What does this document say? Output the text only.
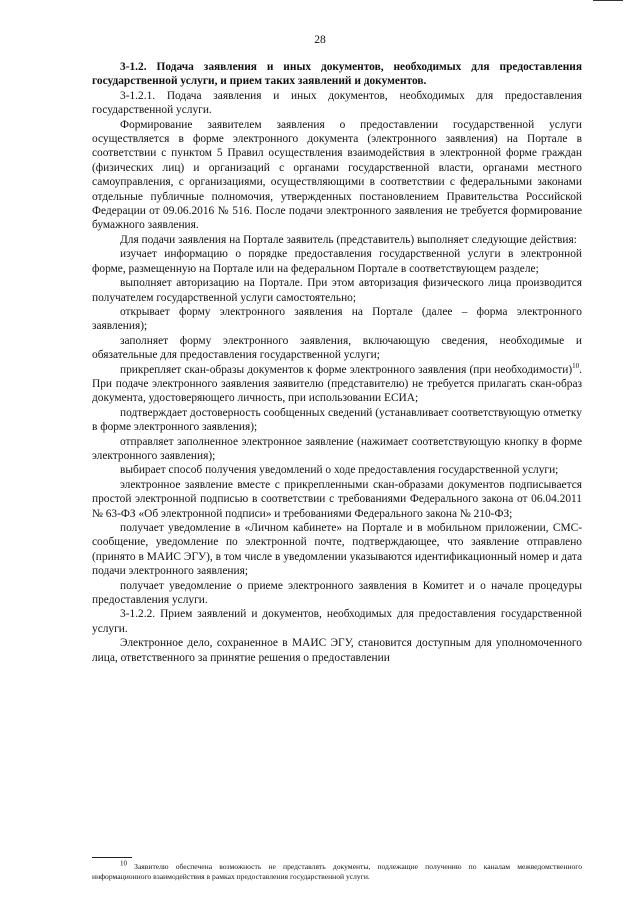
28

3-1.2. Подача заявления и иных документов, необходимых для предоставления государственной услуги, и прием таких заявлений и документов.

3-1.2.1. Подача заявления и иных документов, необходимых для предоставления государственной услуги.

Формирование заявителем заявления о предоставлении государственной услуги осуществляется в форме электронного документа (электронного заявления) на Портале в соответствии с пунктом 5 Правил осуществления взаимодействия в электронной форме граждан (физических лиц) и организаций с органами государственной власти, органами местного самоуправления, с организациями, осуществляющими в соответствии с федеральными законами отдельные публичные полномочия, утвержденных постановлением Правительства Российской Федерации от 09.06.2016 № 516. После подачи электронного заявления не требуется формирование бумажного заявления.

Для подачи заявления на Портале заявитель (представитель) выполняет следующие действия:

изучает информацию о порядке предоставления государственной услуги в электронной форме, размещенную на Портале или на федеральном Портале в соответствующем разделе;

выполняет авторизацию на Портале. При этом авторизация физического лица производится получателем государственной услуги самостоятельно;

открывает форму электронного заявления на Портале (далее – форма электронного заявления);

заполняет форму электронного заявления, включающую сведения, необходимые и обязательные для предоставления государственной услуги;

прикрепляет скан-образы документов к форме электронного заявления (при необходимости)$^{10}$. При подаче электронного заявления заявителю (представителю) не требуется прилагать скан-образ документа, удостоверяющего личность, при использовании ЕСИА;

подтверждает достоверность сообщенных сведений (устанавливает соответствующую отметку в форме электронного заявления);

отправляет заполненное электронное заявление (нажимает соответствующую кнопку в форме электронного заявления);

выбирает способ получения уведомлений о ходе предоставления государственной услуги;

электронное заявление вместе с прикрепленными скан-образами документов подписывается простой электронной подписью в соответствии с требованиями Федерального закона от 06.04.2011 № 63-ФЗ «Об электронной подписи» и требованиями Федерального закона № 210-ФЗ;

получает уведомление в «Личном кабинете» на Портале и в мобильном приложении, СМС-сообщение, уведомление по электронной почте, подтверждающее, что заявление отправлено (принято в МАИС ЭГУ), в том числе в уведомлении указываются идентификационный номер и дата подачи электронного заявления;

получает уведомление о приеме электронного заявления в Комитет и о начале процедуры предоставления услуги.

3-1.2.2. Прием заявлений и документов, необходимых для предоставления государственной услуги.

Электронное дело, сохраненное в МАИС ЭГУ, становится доступным для уполномоченного лица, ответственного за принятие решения о предоставлении

$^{10}$ Заявителю обеспечена возможность не представлять документы, подлежащие получению по каналам межведомственного информационного взаимодействия в рамках предоставления государственной услуги.
